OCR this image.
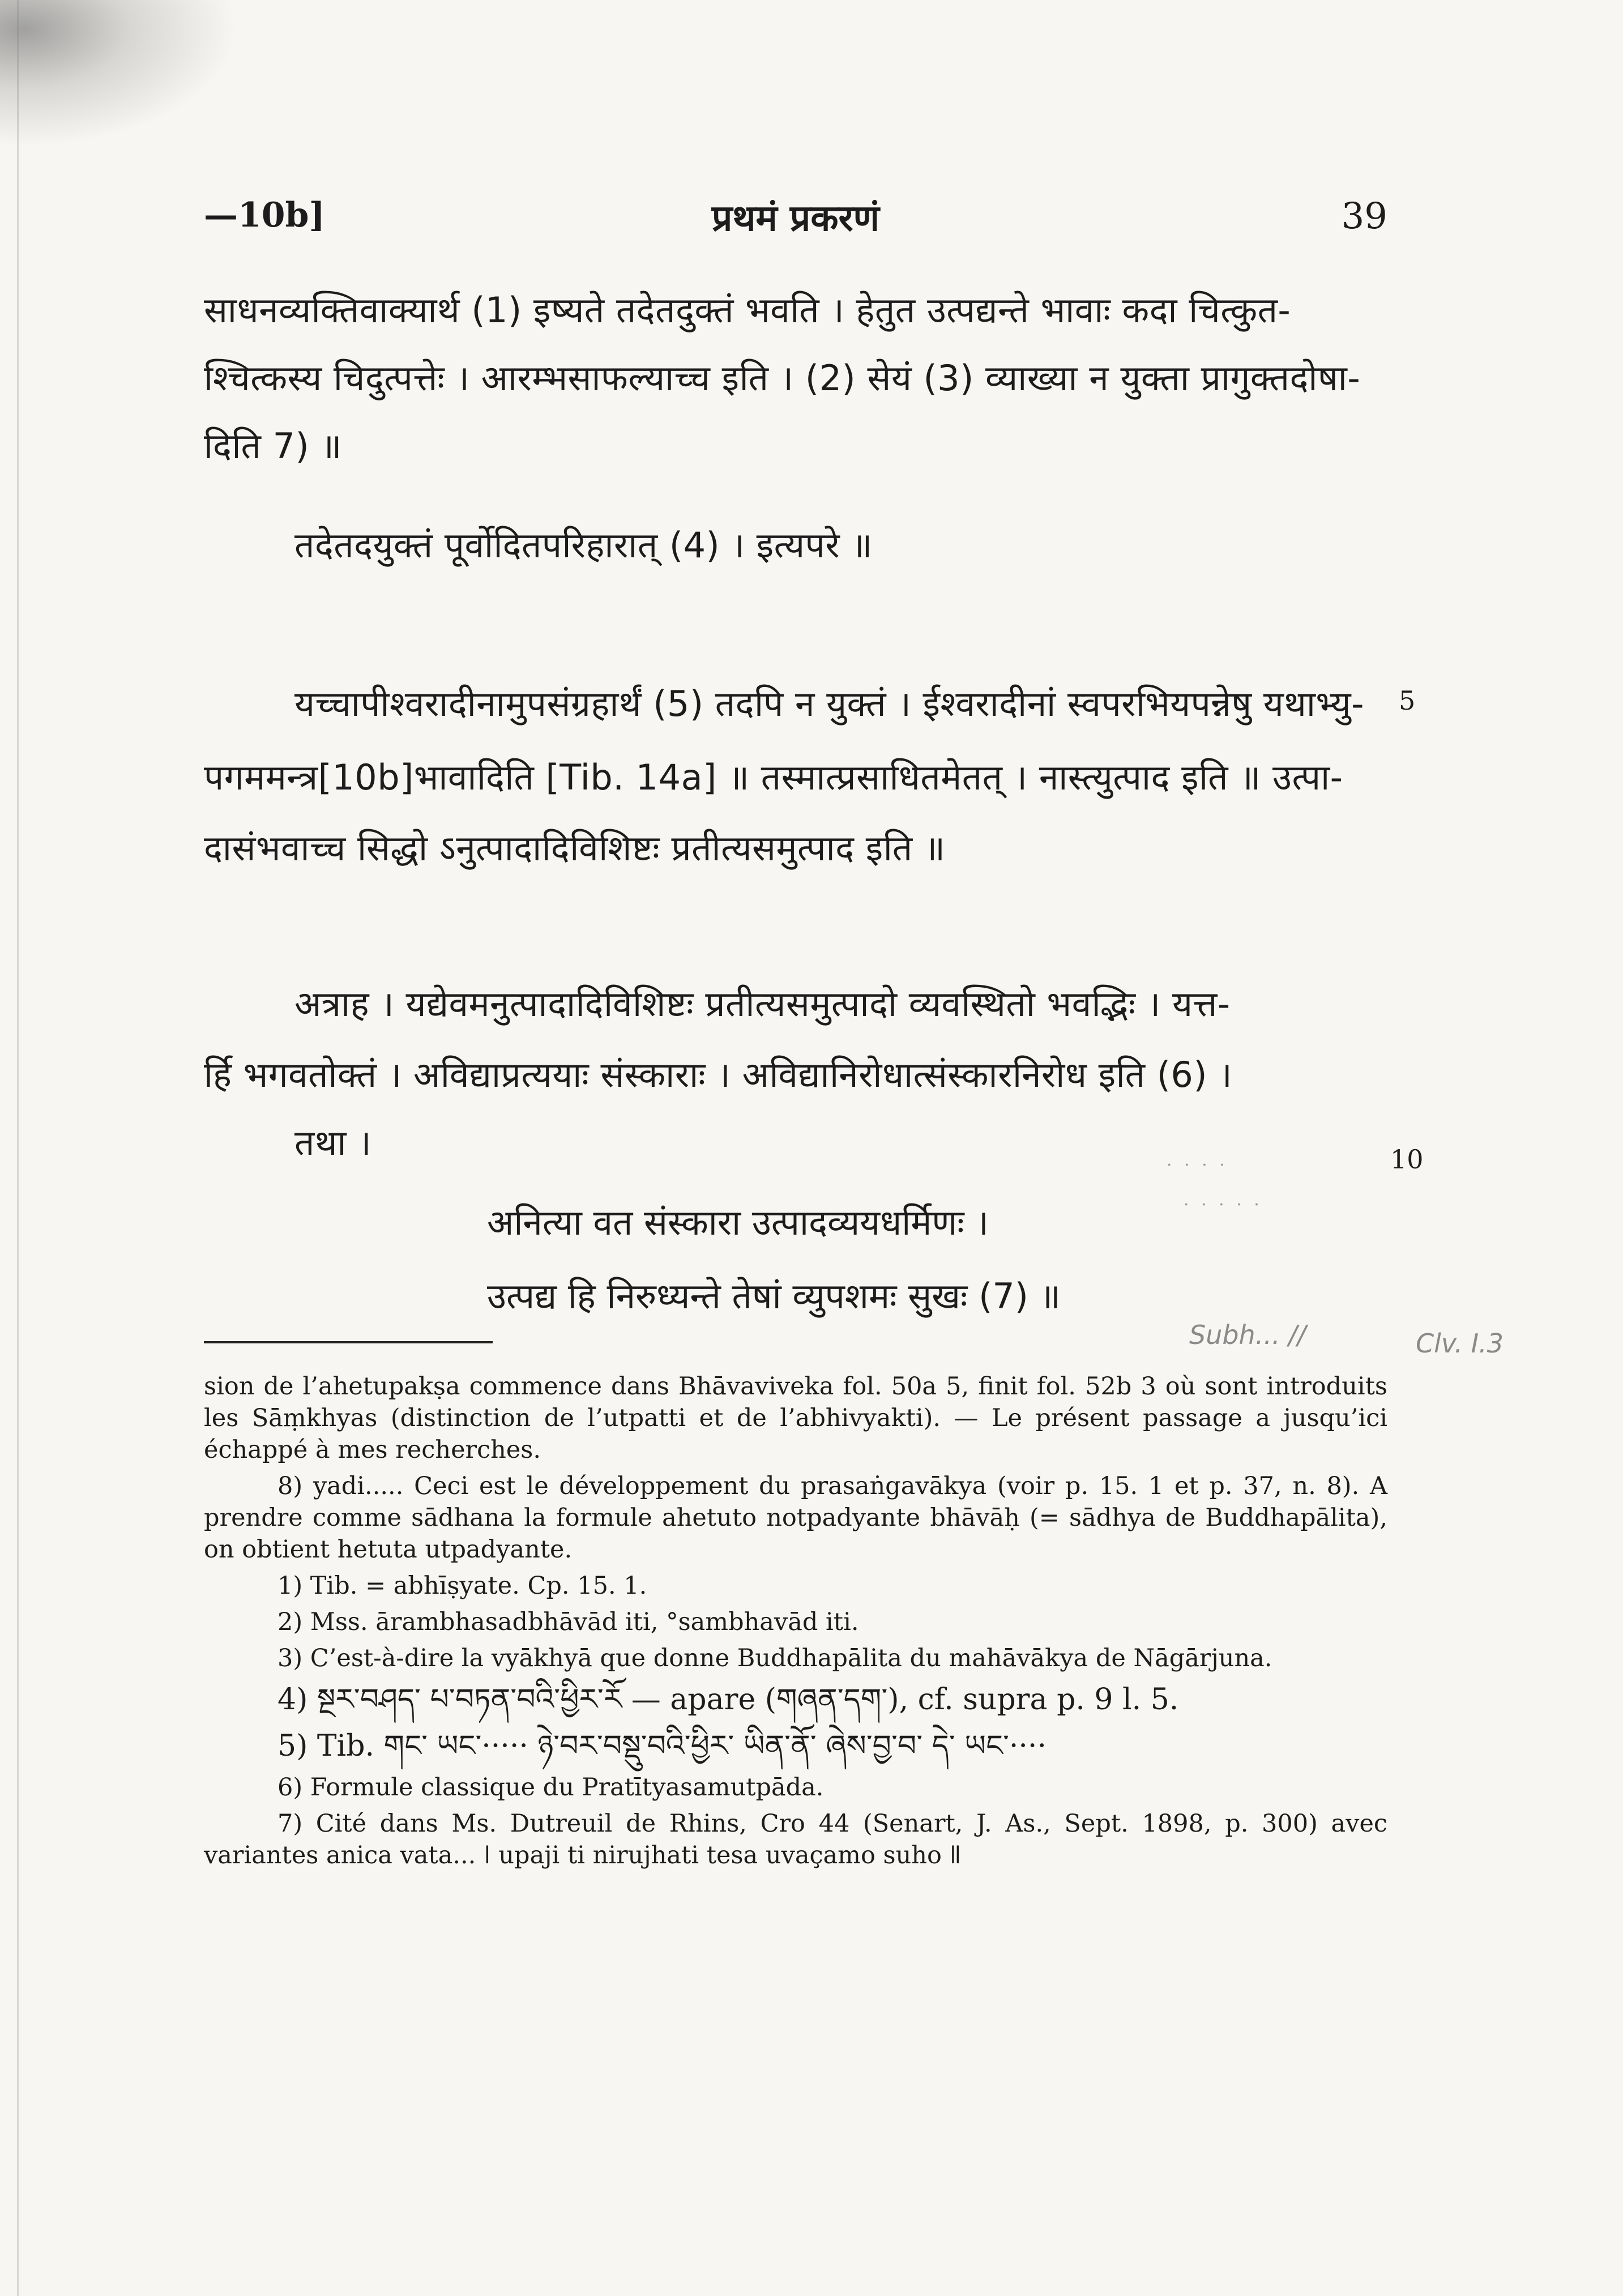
—10b]	प्रथमं प्रकरणं	39
साधनव्यक्तिवाक्यार्थ (1) इष्यते तदेतदुक्तं भवति । हेतुत उत्पद्यन्ते भावाः कदा चित्कुत-
श्चित्कस्य चिदुत्पत्तेः । आरम्भसाफल्याच्च इति । (2) सेयं (3) व्याख्या न युक्ता प्रागुक्तदोषा-
दिति 7) ॥
तदेतदयुक्तं पूर्वोदितपरिहारात् (4) । इत्यपरे ॥
यच्चापीश्वरादीनामुपसंग्रहार्थं (5) तदपि न युक्तं । ईश्वरादीनां स्वपरभियपन्नेषु यथाभ्यु-	5
पगममन्त्र[10b]भावादिति [Tib. 14a] ॥ तस्मात्प्रसाधितमेतत् । नास्त्युत्पाद इति ॥ उत्पा-
दासंभवाच्च सिद्धो ऽनुत्पादादिविशिष्टः प्रतीत्यसमुत्पाद इति ॥
अत्राह । यद्येवमनुत्पादादिविशिष्टः प्रतीत्यसमुत्पादो व्यवस्थितो भवद्भिः । यत्त-
र्हि भगवतोक्तं । अविद्याप्रत्ययाः संस्काराः । अविद्यानिरोधात्संस्कारनिरोध इति (6) ।
तथा ।	10
· · · ·
· · · · ·
अनित्या वत संस्कारा उत्पादव्ययधर्मिणः ।
उत्पद्य हि निरुध्यन्ते तेषां व्युपशमः सुखः (7) ॥
Subh... //	Clv. I.3

sion de l’ahetupakṣa commence dans Bhāvaviveka fol. 50a 5, finit fol. 52b 3 où sont introduits les Sāṃkhyas (distinction de l’utpatti et de l’abhivyakti). — Le présent passage a jusqu’ici échappé à mes recherches.

8) yadi..... Ceci est le développement du prasaṅgavākya (voir p. 15. 1 et p. 37, n. 8). A prendre comme sādhana la formule ahetuto notpadyante bhāvāḥ (= sādhya de Buddhapālita), on obtient hetuta utpadyante.

1) Tib. = abhīṣyate. Cp. 15. 1.

2) Mss. ārambhasadbhāvād iti, °sambhavād iti.

3) C’est-à-dire la vyākhyā que donne Buddhapālita du mahāvākya de Nāgārjuna.

4) སྔར་བཤད་ པ་བཏན་བའི་ཕྱིར་རོ — apare (གཞན་དག་), cf. supra p. 9 l. 5.

5) Tib. གང་ ཡང་····· ཉེ་བར་བསྡུ་བའི་ཕྱིར་ ཡིན་ནོ་ ཞེས་བྱ་བ་ དེ་ ཡང་····

6) Formule classique du Pratītyasamutpāda.

7) Cité dans Ms. Dutreuil de Rhins, Cro 44 (Senart, J. As., Sept. 1898, p. 300) avec variantes anica vata... ǀ upaji ti nirujhati tesa uvaçamo suho ǁ
